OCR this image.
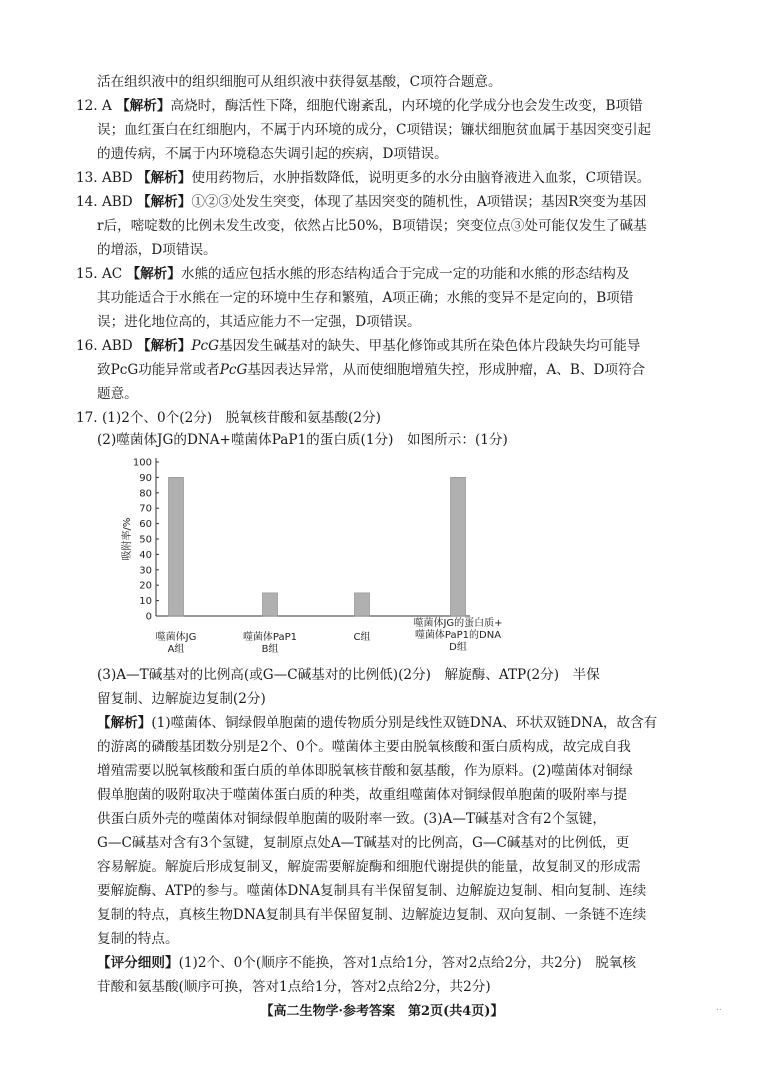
活在组织液中的组织细胞可从组织液中获得氨基酸，C项符合题意。
12. A 【解析】高烧时，酶活性下降，细胞代谢紊乱，内环境的化学成分也会发生改变，B项错
误；血红蛋白在红细胞内，不属于内环境的成分，C项错误；镰状细胞贫血属于基因突变引起
的遗传病，不属于内环境稳态失调引起的疾病，D项错误。
13. ABD 【解析】使用药物后，水肿指数降低，说明更多的水分由脑脊液进入血浆，C项错误。
14. ABD 【解析】①②③处发生突变，体现了基因突变的随机性，A项错误；基因R突变为基因
r后，嘧啶数的比例未发生改变，依然占比50%，B项错误；突变位点③处可能仅发生了碱基
的增添，D项错误。
15. AC 【解析】水熊的适应包括水熊的形态结构适合于完成一定的功能和水熊的形态结构及
其功能适合于水熊在一定的环境中生存和繁殖，A项正确；水熊的变异不是定向的，B项错
误；进化地位高的，其适应能力不一定强，D项错误。
16. ABD 【解析】PcG基因发生碱基对的缺失、甲基化修饰或其所在染色体片段缺失均可能导
致PcG功能异常或者PcG基因表达异常，从而使细胞增殖失控，形成肿瘤，A、B、D项符合
题意。
17. (1)2个、0个(2分)　脱氧核苷酸和氨基酸(2分)
(2)噬菌体JG的DNA+噬菌体PaP1的蛋白质(1分)　如图所示：(1分)
0
10
20
30
40
50
60
70
80
90
100
吸附率/%
噬菌体JG
A组
噬菌体PaP1
B组
C组
噬菌体JG的蛋白质+
噬菌体PaP1的DNA
D组
(3)A—T碱基对的比例高(或G—C碱基对的比例低)(2分)　解旋酶、ATP(2分)　半保
留复制、边解旋边复制(2分)
【解析】(1)噬菌体、铜绿假单胞菌的遗传物质分别是线性双链DNA、环状双链DNA，故含有
的游离的磷酸基团数分别是2个、0个。噬菌体主要由脱氧核酸和蛋白质构成，故完成自我
增殖需要以脱氧核酸和蛋白质的单体即脱氧核苷酸和氨基酸，作为原料。(2)噬菌体对铜绿
假单胞菌的吸附取决于噬菌体蛋白质的种类，故重组噬菌体对铜绿假单胞菌的吸附率与提
供蛋白质外壳的噬菌体对铜绿假单胞菌的吸附率一致。(3)A—T碱基对含有2个氢键，
G—C碱基对含有3个氢键，复制原点处A—T碱基对的比例高，G—C碱基对的比例低，更
容易解旋。解旋后形成复制叉，解旋需要解旋酶和细胞代谢提供的能量，故复制叉的形成需
要解旋酶、ATP的参与。噬菌体DNA复制具有半保留复制、边解旋边复制、相向复制、连续
复制的特点，真核生物DNA复制具有半保留复制、边解旋边复制、双向复制、一条链不连续
复制的特点。
【评分细则】(1)2个、0个(顺序不能换，答对1点给1分，答对2点给2分，共2分)　脱氧核
苷酸和氨基酸(顺序可换，答对1点给1分，答对2点给2分，共2分)
【高二生物学·参考答案　第2页(共4页)】	..
